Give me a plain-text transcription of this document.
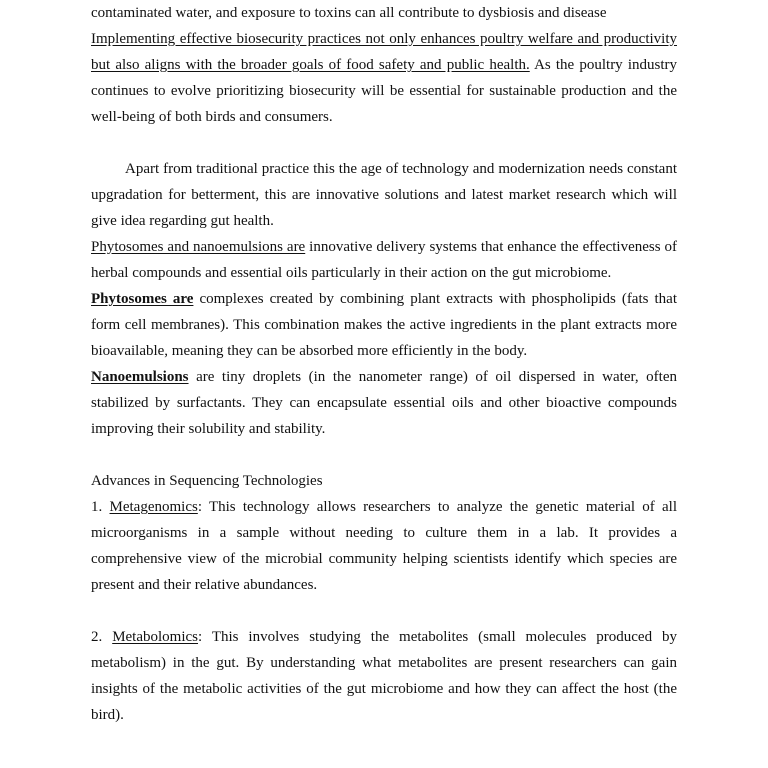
contaminated water, and exposure to toxins can all contribute to dysbiosis and disease
Implementing effective biosecurity practices not only enhances poultry welfare and productivity but also aligns with the broader goals of food safety and public health. As the poultry industry continues to evolve prioritizing biosecurity will be essential for sustainable production and the well-being of both birds and consumers.

Apart from traditional practice this the age of technology and modernization needs constant upgradation for betterment, this are innovative solutions and latest market research which will give idea regarding gut health.

Phytosomes and nanoemulsions are innovative delivery systems that enhance the effectiveness of herbal compounds and essential oils particularly in their action on the gut microbiome.

Phytosomes are complexes created by combining plant extracts with phospholipids (fats that form cell membranes). This combination makes the active ingredients in the plant extracts more bioavailable, meaning they can be absorbed more efficiently in the body.

Nanoemulsions are tiny droplets (in the nanometer range) of oil dispersed in water, often stabilized by surfactants. They can encapsulate essential oils and other bioactive compounds improving their solubility and stability.

Advances in Sequencing Technologies

1. Metagenomics: This technology allows researchers to analyze the genetic material of all microorganisms in a sample without needing to culture them in a lab. It provides a comprehensive view of the microbial community helping scientists identify which species are present and their relative abundances.

2. Metabolomics: This involves studying the metabolites (small molecules produced by metabolism) in the gut. By understanding what metabolites are present researchers can gain insights of the metabolic activities of the gut microbiome and how they can affect the host (the bird).
